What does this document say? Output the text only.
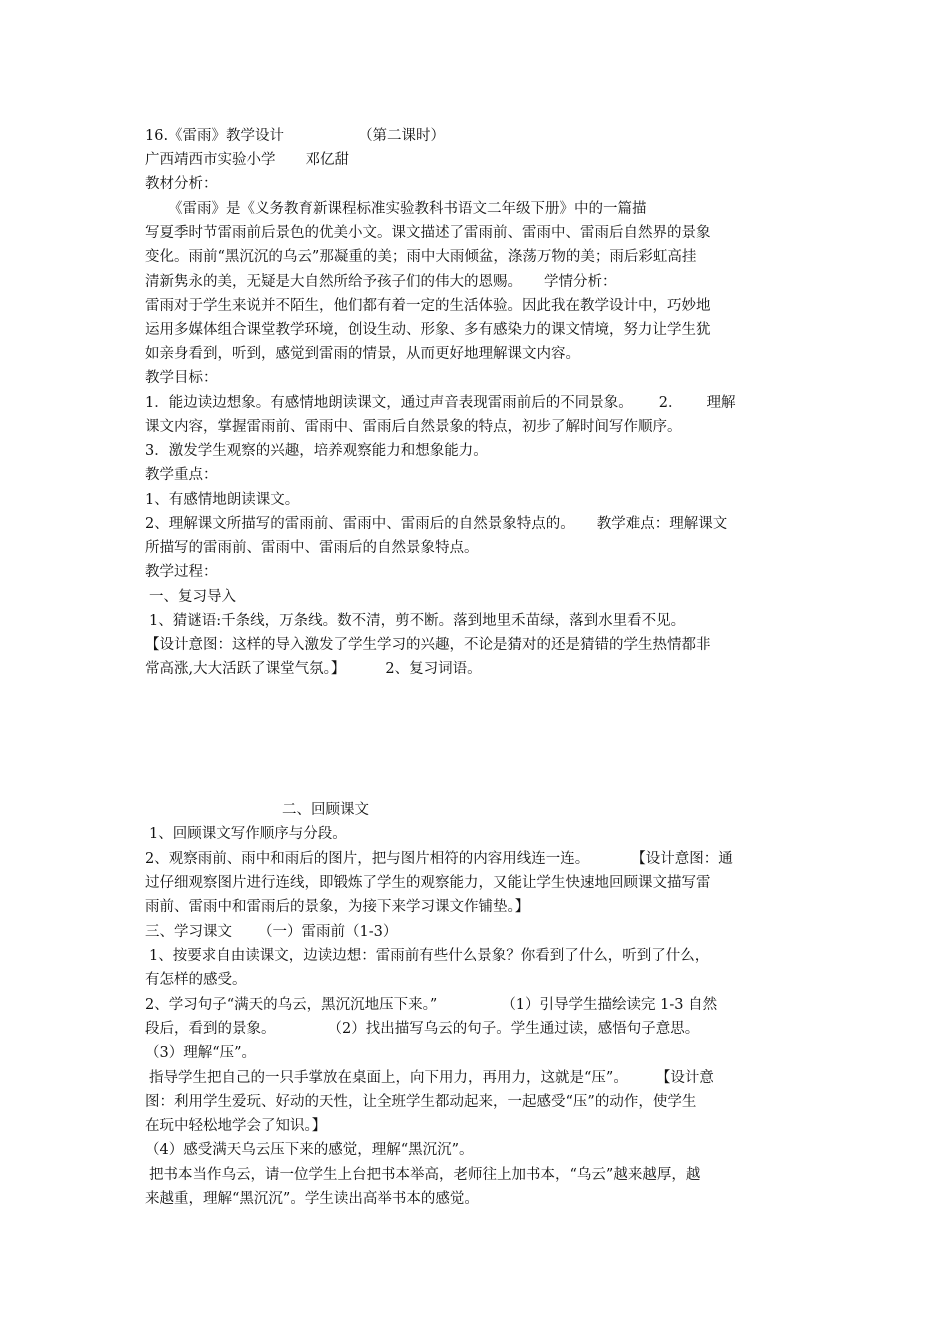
16.《雷雨》教学设计	（第二课时）
广西靖西市实验小学 邓亿甜
教材分析：
《雷雨》是《义务教育新课程标准实验教科书语文二年级下册》中的一篇描
写夏季时节雷雨前后景色的优美小文。课文描述了雷雨前、雷雨中、雷雨后自然界的景象
变化。雨前“黑沉沉的乌云”那凝重的美；雨中大雨倾盆，涤荡万物的美；雨后彩虹高挂
清新隽永的美，无疑是大自然所给予孩子们的伟大的恩赐。 学情分析：
雷雨对于学生来说并不陌生，他们都有着一定的生活体验。因此我在教学设计中，巧妙地
运用多媒体组合课堂教学环境，创设生动、形象、多有感染力的课文情境，努力让学生犹
如亲身看到，听到，感觉到雷雨的情景，从而更好地理解课文内容。
教学目标：
1．能边读边想象。有感情地朗读课文，通过声音表现雷雨前后的不同景象。 2． 理解
课文内容，掌握雷雨前、雷雨中、雷雨后自然景象的特点，初步了解时间写作顺序。
3．激发学生观察的兴趣，培养观察能力和想象能力。
教学重点：
1、有感情地朗读课文。
2、理解课文所描写的雷雨前、雷雨中、雷雨后的自然景象特点的。 教学难点：理解课文
所描写的雷雨前、雷雨中、雷雨后的自然景象特点。
教学过程：
一、复习导入
1、猜谜语:千条线，万条线。数不清，剪不断。落到地里禾苗绿，落到水里看不见。
【设计意图：这样的导入激发了学生学习的兴趣，不论是猜对的还是猜错的学生热情都非
常高涨,大大活跃了课堂气氛。】	2、复习词语。
二、回顾课文
1、回顾课文写作顺序与分段。
2、观察雨前、雨中和雨后的图片，把与图片相符的内容用线连一连。	【设计意图：通
过仔细观察图片进行连线，即锻炼了学生的观察能力，又能让学生快速地回顾课文描写雷
雨前、雷雨中和雷雨后的景象，为接下来学习课文作铺垫。】
三、学习课文 （一）雷雨前（1-3）
1、按要求自由读课文，边读边想：雷雨前有些什么景象？你看到了什么，听到了什么，
有怎样的感受。
2、学习句子“满天的乌云，黑沉沉地压下来。”	（1）引导学生描绘读完 1-3 自然
段后，看到的景象。	（2）找出描写乌云的句子。学生通过读，感悟句子意思。
（3）理解“压”。
指导学生把自己的一只手掌放在桌面上，向下用力，再用力，这就是“压”。 【设计意
图：利用学生爱玩、好动的天性，让全班学生都动起来，一起感受“压”的动作，使学生
在玩中轻松地学会了知识。】
（4）感受满天乌云压下来的感觉，理解“黑沉沉”。
把书本当作乌云，请一位学生上台把书本举高，老师往上加书本，“乌云”越来越厚，越
来越重，理解“黑沉沉”。学生读出高举书本的感觉。
